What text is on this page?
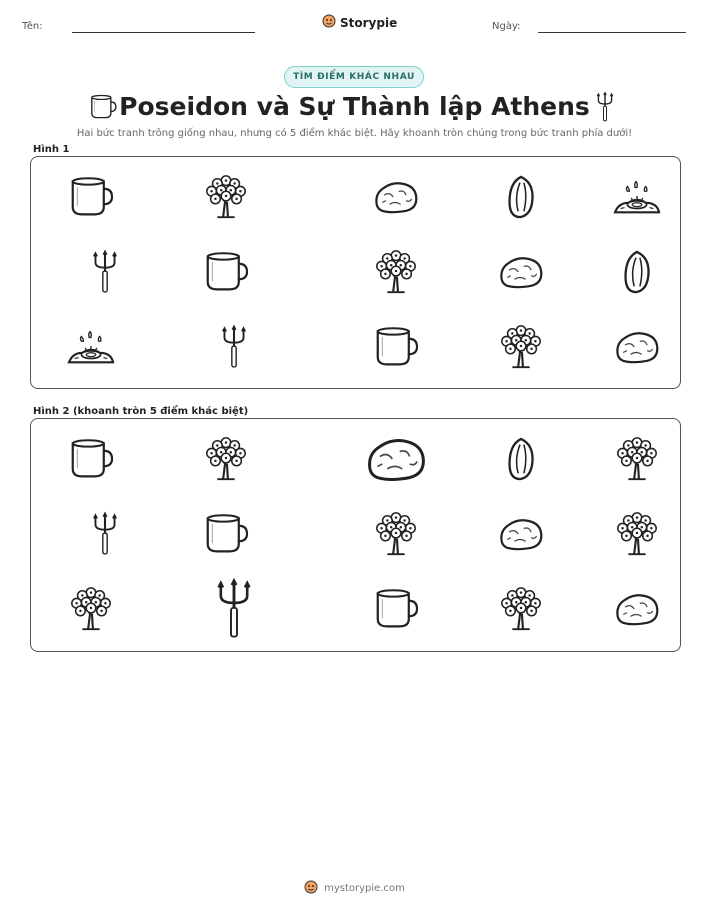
Tên:	Storypie	Ngày:
TÌM ĐIỂM KHÁC NHAU
Poseidon và Sự Thành lập Athens
Hai bức tranh trông giống nhau, nhưng có 5 điểm khác biệt. Hãy khoanh tròn chúng trong bức tranh phía dưới!
Hình 1
Hình 2 (khoanh tròn 5 điểm khác biệt)
mystorypie.com
